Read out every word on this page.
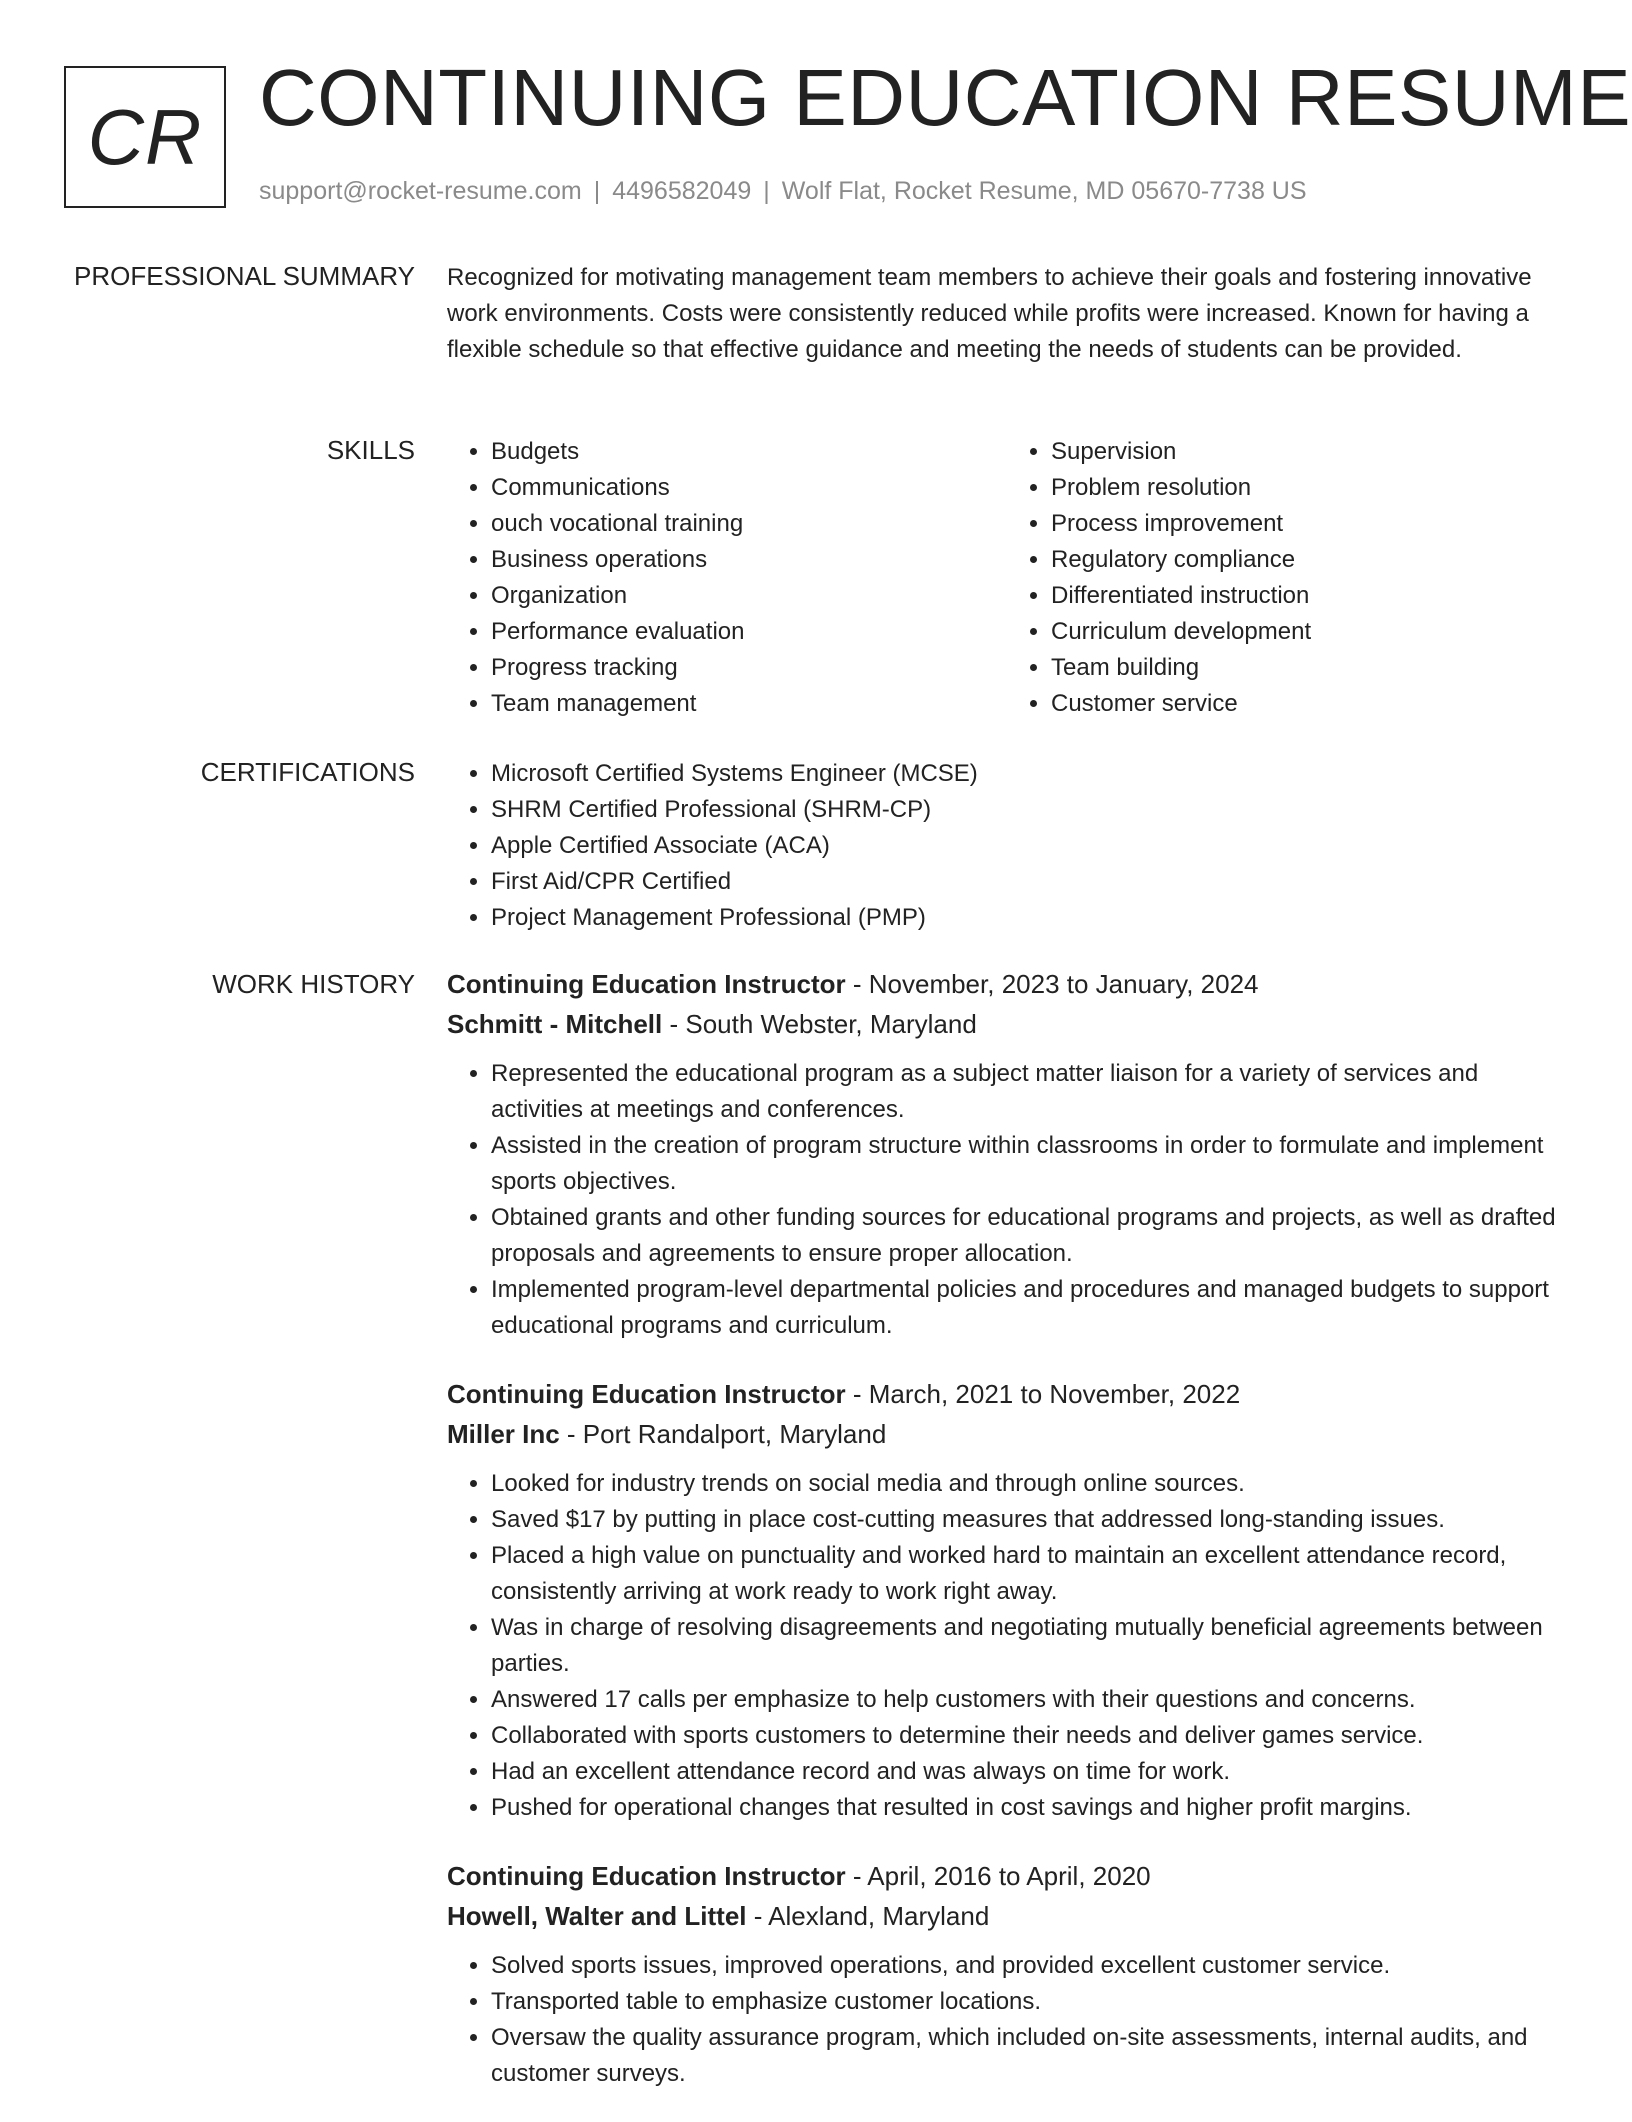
CR CONTINUING EDUCATION RESUME
support@rocket-resume.com | 4496582049 | Wolf Flat, Rocket Resume, MD 05670-7738 US
PROFESSIONAL SUMMARY Recognized for motivating management team members to achieve their goals and fostering innovative work environments. Costs were consistently reduced while profits were increased. Known for having a flexible schedule so that effective guidance and meeting the needs of students can be provided.

SKILLS	• Budgets
• Communications
• ouch vocational training
• Business operations
• Organization
• Performance evaluation
• Progress tracking
• Team management
• Supervision
• Problem resolution
• Process improvement
• Regulatory compliance
• Differentiated instruction
• Curriculum development
• Team building
• Customer service
CERTIFICATIONS	• Microsoft Certified Systems Engineer (MCSE)
• SHRM Certified Professional (SHRM-CP)
• Apple Certified Associate (ACA)
• First Aid/CPR Certified
• Project Management Professional (PMP)
WORK HISTORY Continuing Education Instructor - November, 2023 to January, 2024
Schmitt - Mitchell - South Webster, Maryland
• Represented the educational program as a subject matter liaison for a variety of services and activities at meetings and conferences.
• Assisted in the creation of program structure within classrooms in order to formulate and implement sports objectives.
• Obtained grants and other funding sources for educational programs and projects, as well as drafted proposals and agreements to ensure proper allocation.
• Implemented program-level departmental policies and procedures and managed budgets to support educational programs and curriculum.
Continuing Education Instructor - March, 2021 to November, 2022
Miller Inc - Port Randalport, Maryland
• Looked for industry trends on social media and through online sources.
• Saved $17 by putting in place cost-cutting measures that addressed long-standing issues.
• Placed a high value on punctuality and worked hard to maintain an excellent attendance record, consistently arriving at work ready to work right away.
• Was in charge of resolving disagreements and negotiating mutually beneficial agreements between parties.
• Answered 17 calls per emphasize to help customers with their questions and concerns.
• Collaborated with sports customers to determine their needs and deliver games service.
• Had an excellent attendance record and was always on time for work.
• Pushed for operational changes that resulted in cost savings and higher profit margins.
Continuing Education Instructor - April, 2016 to April, 2020
Howell, Walter and Littel - Alexland, Maryland
• Solved sports issues, improved operations, and provided excellent customer service.
• Transported table to emphasize customer locations.
• Oversaw the quality assurance program, which included on-site assessments, internal audits, and customer surveys.
